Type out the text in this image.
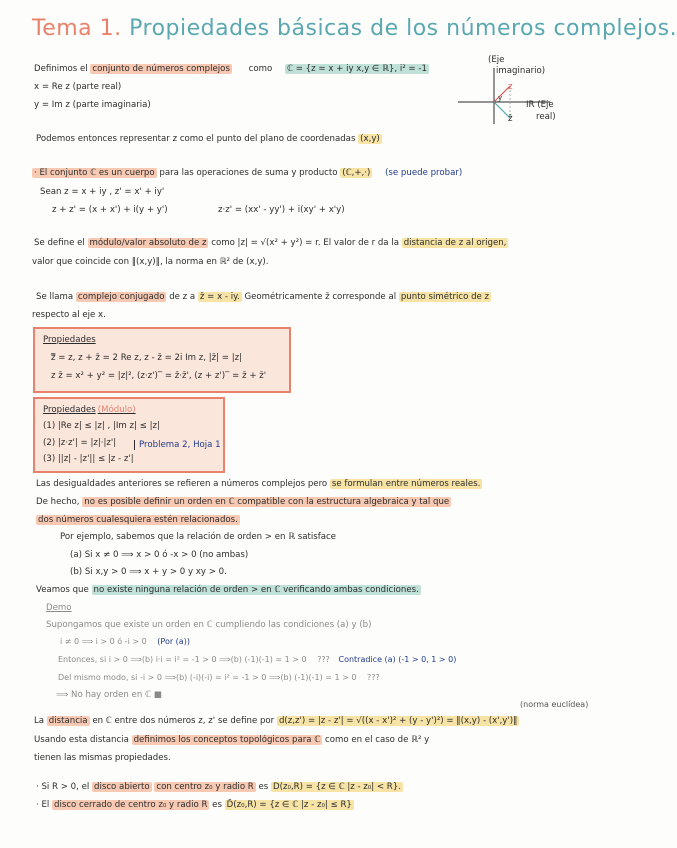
Tema 1. Propiedades básicas de los números complejos.
(Eje
imaginario)
z
z̄
y
IR (Eje
real)
Definimos el conjunto de números complejos como ℂ = {z = x + iy x,y ∈ ℝ}, i² = -1
x = Re z (parte real)
y = Im z (parte imaginaria)
Podemos entonces representar z como el punto del plano de coordenadas (x,y)
· El conjunto ℂ es un cuerpo para las operaciones de suma y producto (ℂ,+,·) (se puede probar)
Sean z = x + iy , z' = x' + iy'
z + z' = (x + x') + i(y + y')	z·z' = (xx' - yy') + i(xy' + x'y)
Se define el módulo/valor absoluto de z como |z| = √(x² + y²) = r. El valor de r da la distancia de z al origen,
valor que coincide con ‖(x,y)‖, la norma en ℝ² de (x,y).
Se llama complejo conjugado de z a z̄ = x - iy. Geométricamente z̄ corresponde al punto simétrico de z
respecto al eje x.
Propiedades
z̿ = z, z + z̄ = 2 Re z, z - z̄ = 2i Im z, |z̄| = |z|
z z̄ = x² + y² = |z|², (z·z')‾ = z̄·z̄', (z + z')‾ = z̄ + z̄'
Propiedades (Módulo)
(1) |Re z| ≤ |z| , |Im z| ≤ |z|
(2) |z·z'| = |z|·|z'|
(3) ||z| - |z'|| ≤ |z - z'|
Problema 2, Hoja 1
Las desigualdades anteriores se refieren a números complejos pero se formulan entre números reales.
De hecho, no es posible definir un orden en ℂ compatible con la estructura algebraica y tal que
dos números cualesquiera estén relacionados.
Por ejemplo, sabemos que la relación de orden > en ℝ satisface
(a) Si x ≠ 0 ⟹ x > 0 ó -x > 0 (no ambas)
(b) Si x,y > 0 ⟹ x + y > 0 y xy > 0.
Veamos que no existe ninguna relación de orden > en ℂ verificando ambas condiciones.
Demo
Supongamos que existe un orden en ℂ cumpliendo las condiciones (a) y (b)
i ≠ 0 ⟹ i > 0 ó -i > 0 (Por (a))
Entonces, si i > 0 ⟹(b) i·i = i² = -1 > 0 ⟹(b) (-1)(-1) = 1 > 0 ??? Contradice (a) (-1 > 0, 1 > 0)
Del mismo modo, si -i > 0 ⟹(b) (-i)(-i) = i² = -1 > 0 ⟹(b) (-1)(-1) = 1 > 0 ???
⟹ No hay orden en ℂ ■
(norma euclídea)
La distancia en ℂ entre dos números z, z' se define por d(z,z') = |z - z'| = √((x - x')² + (y - y')²) = ‖(x,y) - (x',y')‖
Usando esta distancia definimos los conceptos topológicos para ℂ como en el caso de ℝ² y
tienen las mismas propiedades.
· Si R > 0, el disco abierto con centro z₀ y radio R es D(z₀,R) = {z ∈ ℂ |z - z₀| < R}.
· El disco cerrado de centro z₀ y radio R es D̄(z₀,R) = {z ∈ ℂ |z - z₀| ≤ R}
